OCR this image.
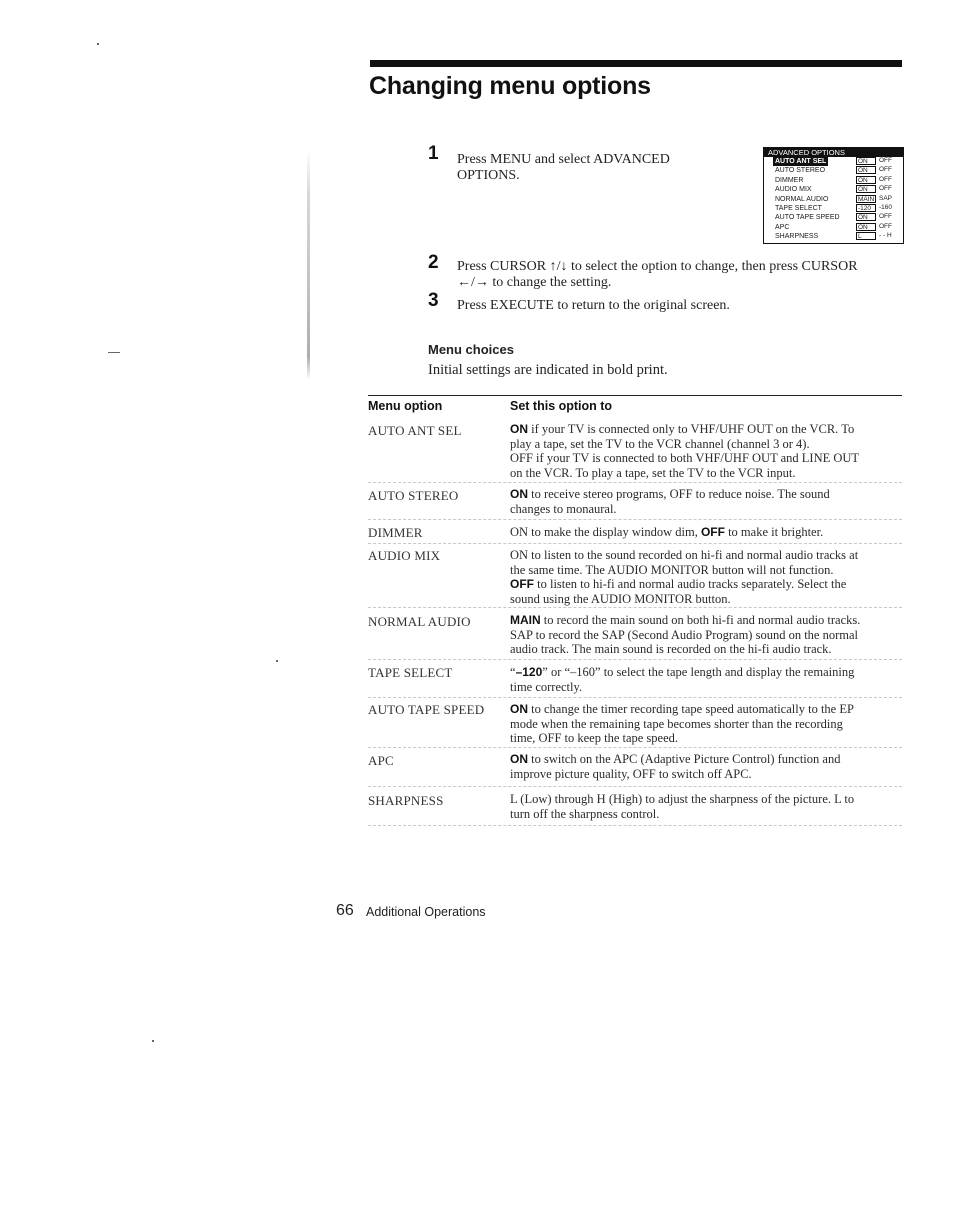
Changing menu options
1 Press MENU and select ADVANCED OPTIONS.
ADVANCED OPTIONS
AUTO ANT SEL	ON	OFF
AUTO STEREO	ON	OFF
DIMMER	ON	OFF
AUDIO MIX	ON	OFF
NORMAL AUDIO	MAIN SAP
TAPE SELECT	-120	-160
AUTO TAPE SPEED	ON	OFF
APC	ON	OFF
SHARPNESS	L	- - H
2 Press CURSOR ↑/↓ to select the option to change, then press CURSOR
←/→ to change the setting.
3 Press EXECUTE to return to the original screen.
Menu choices
Initial settings are indicated in bold print.
Menu option	Set this option to
AUTO ANT SEL	ON if your TV is connected only to VHF/UHF OUT on the VCR. To
play a tape, set the TV to the VCR channel (channel 3 or 4).
OFF if your TV is connected to both VHF/UHF OUT and LINE OUT
on the VCR. To play a tape, set the TV to the VCR input.
AUTO STEREO	ON to receive stereo programs, OFF to reduce noise. The sound
changes to monaural.
DIMMER	ON to make the display window dim, OFF to make it brighter.
AUDIO MIX	ON to listen to the sound recorded on hi-fi and normal audio tracks at
the same time. The AUDIO MONITOR button will not function.
OFF to listen to hi-fi and normal audio tracks separately. Select the
sound using the AUDIO MONITOR button.
NORMAL AUDIO	MAIN to record the main sound on both hi-fi and normal audio tracks.
SAP to record the SAP (Second Audio Program) sound on the normal
audio track. The main sound is recorded on the hi-fi audio track.
TAPE SELECT	“–120” or “–160” to select the tape length and display the remaining
time correctly.
AUTO TAPE SPEED ON to change the timer recording tape speed automatically to the EP
mode when the remaining tape becomes shorter than the recording
time, OFF to keep the tape speed.
APC	ON to switch on the APC (Adaptive Picture Control) function and
improve picture quality, OFF to switch off APC.
SHARPNESS	L (Low) through H (High) to adjust the sharpness of the picture. L to
turn off the sharpness control.
66 Additional Operations
